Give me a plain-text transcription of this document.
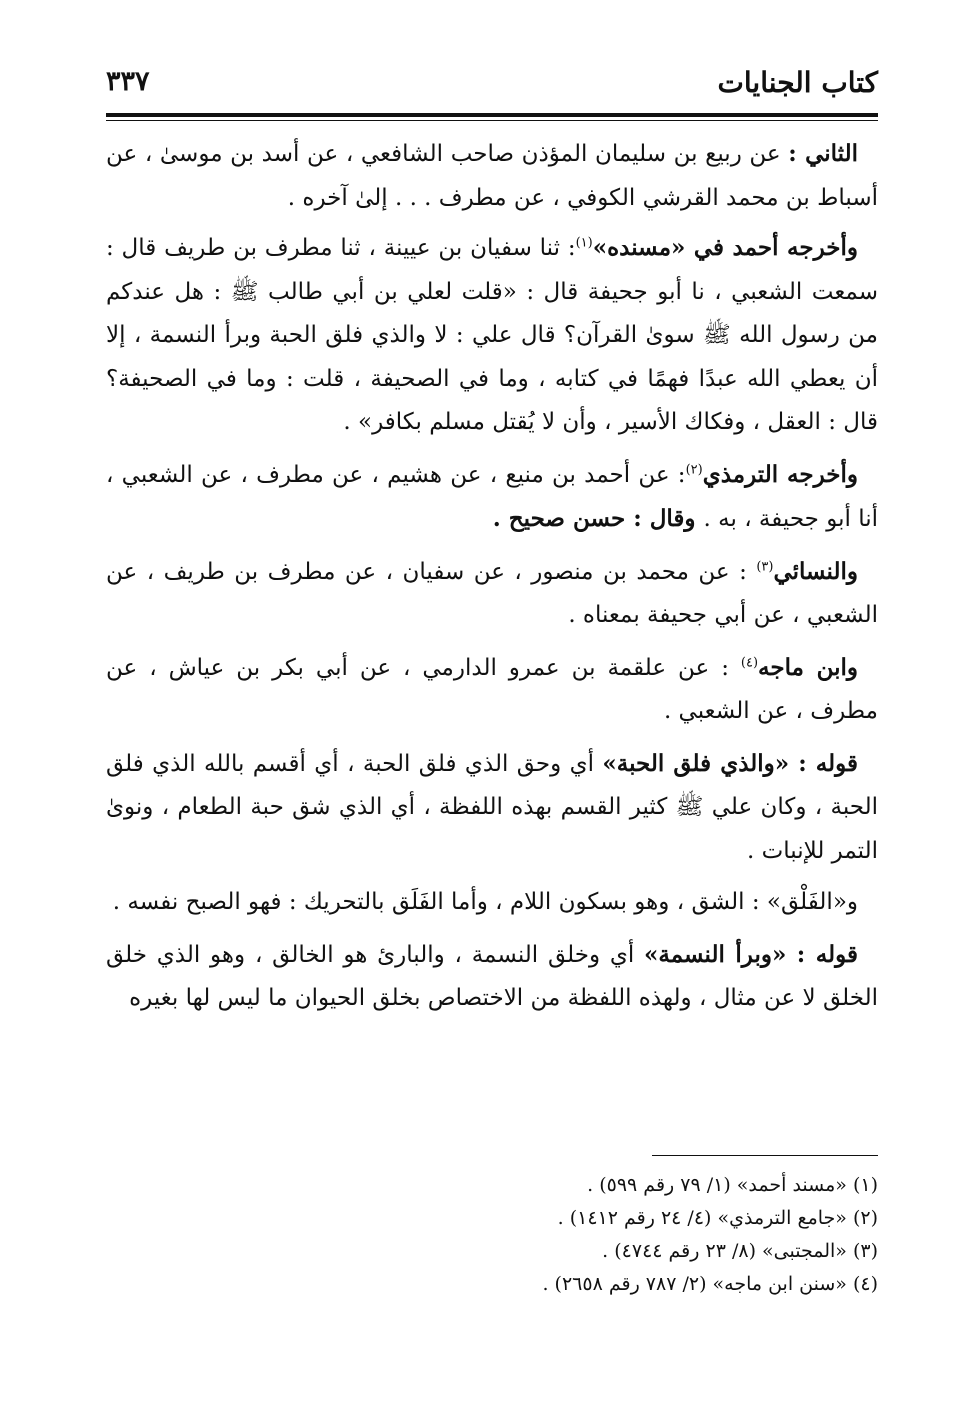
كتاب الجنايات
٣٣٧

الثاني : عن ربيع بن سليمان المؤذن صاحب الشافعي ، عن أسد بن موسىٰ ، عن أسباط بن محمد القرشي الكوفي ، عن مطرف . . . إلىٰ آخره .

وأخرجه أحمد في «مسنده»$^{(١)}$: ثنا سفيان بن عيينة ، ثنا مطرف بن طريف قال : سمعت الشعبي ، نا أبو جحيفة قال : «قلت لعلي بن أبي طالب ﷺ : هل عندكم من رسول الله ﷺ سوىٰ القرآن؟ قال علي : لا والذي فلق الحبة وبرأ النسمة ، إلا أن يعطي الله عبدًا فهمًا في كتابه ، وما في الصحيفة ، قلت : وما في الصحيفة؟ قال : العقل ، وفكاك الأسير ، وأن لا يُقتل مسلم بكافر» .

وأخرجه الترمذي$^{(٢)}$: عن أحمد بن منيع ، عن هشيم ، عن مطرف ، عن الشعبي ، أنا أبو جحيفة ، به . وقال : حسن صحيح .

والنسائي$^{(٣)}$ : عن محمد بن منصور ، عن سفيان ، عن مطرف بن طريف ، عن الشعبي ، عن أبي جحيفة بمعناه .

وابن ماجه$^{(٤)}$ : عن علقمة بن عمرو الدارمي ، عن أبي بكر بن عياش ، عن مطرف ، عن الشعبي .

قوله : «والذي فلق الحبة» أي وحق الذي فلق الحبة ، أي أقسم بالله الذي فلق الحبة ، وكان علي ﷺ كثير القسم بهذه اللفظة ، أي الذي شق حبة الطعام ، ونوىٰ التمر للإنبات .

و«الفَلْق» : الشق ، وهو بسكون اللام ، وأما الفَلَق بالتحريك : فهو الصبح نفسه .

قوله : «وبرأ النسمة» أي وخلق النسمة ، والبارئ هو الخالق ، وهو الذي خلق الخلق لا عن مثال ، ولهذه اللفظة من الاختصاص بخلق الحيوان ما ليس لها بغيره

(١) «مسند أحمد» (١/ ٧٩ رقم ٥٩٩) .

(٢) «جامع الترمذي» (٤/ ٢٤ رقم ١٤١٢) .

(٣) «المجتبى» (٨/ ٢٣ رقم ٤٧٤٤) .

(٤) «سنن ابن ماجه» (٢/ ٧٨٧ رقم ٢٦٥٨) .
